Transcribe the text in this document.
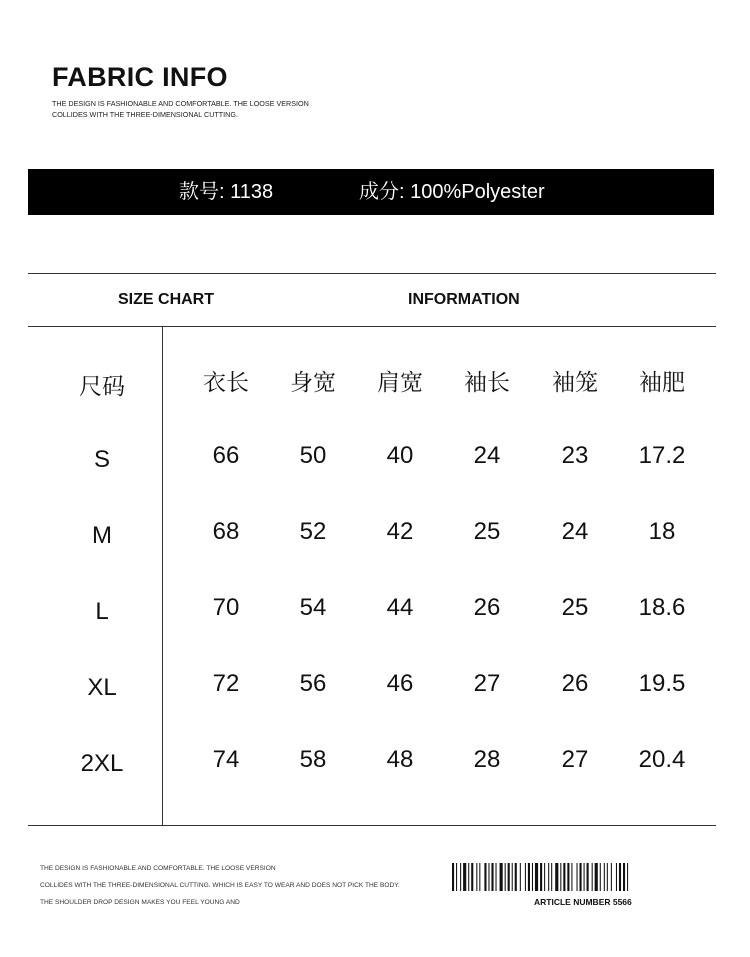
FABRIC INFO
THE DESIGN IS FASHIONABLE AND COMFORTABLE. THE LOOSE VERSION
COLLIDES WITH THE THREE-DIMENSIONAL CUTTING.
款号: 1138	成分: 100%Polyester
SIZE CHART	INFORMATION
尺码	衣长	身宽	肩宽	袖长	袖笼	袖肥
S	66	50	40	24	23	17.2
M	68	52	42	25	24	18
L	70	54	44	26	25	18.6
XL	72	56	46	27	26	19.5
2XL	74	58	48	28	27	20.4
THE DESIGN IS FASHIONABLE AND COMFORTABLE. THE LOOSE VERSION
COLLIDES WITH THE THREE-DIMENSIONAL CUTTING. WHICH IS EASY TO WEAR AND DOES NOT PICK THE BODY.
THE SHOULDER DROP DESIGN MAKES YOU FEEL YOUNG AND	ARTICLE NUMBER 5566
